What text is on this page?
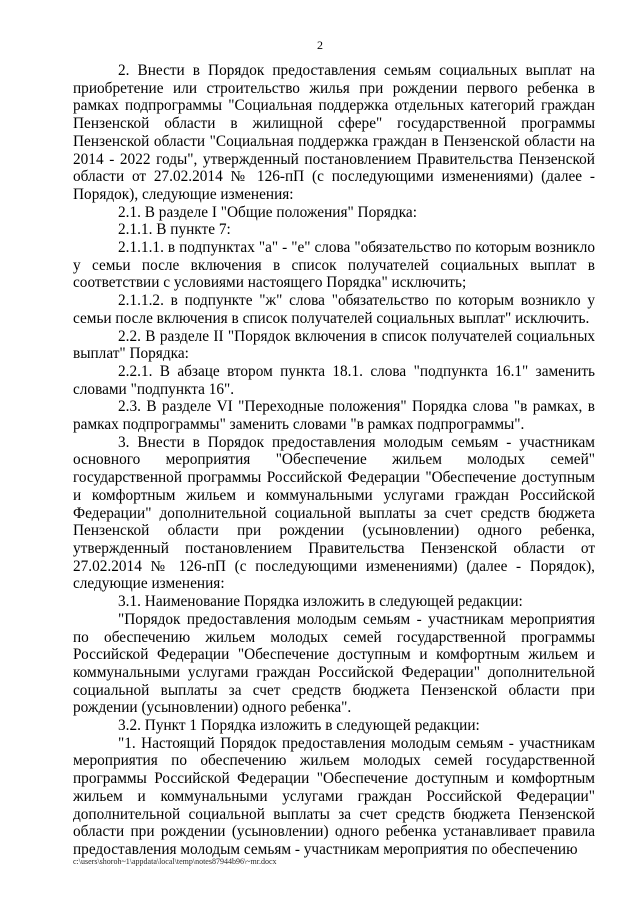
2

2. Внести в Порядок предоставления семьям социальных выплат на приобретение или строительство жилья при рождении первого ребенка в рамках подпрограммы "Социальная поддержка отдельных категорий граждан Пензенской области в жилищной сфере" государственной программы Пензенской области "Социальная поддержка граждан в Пензенской области на 2014 - 2022 годы", утвержденный постановлением Правительства Пензенской области от 27.02.2014 № 126-пП (с последующими изменениями) (далее - Порядок), следующие изменения:

2.1. В разделе I "Общие положения" Порядка:

2.1.1. В пункте 7:

2.1.1.1. в подпунктах "а" - "е" слова "обязательство по которым возникло у семьи после включения в список получателей социальных выплат в соответствии с условиями настоящего Порядка" исключить;

2.1.1.2. в подпункте "ж" слова "обязательство по которым возникло у семьи после включения в список получателей социальных выплат" исключить.

2.2. В разделе II "Порядок включения в список получателей социальных выплат" Порядка:

2.2.1. В абзаце втором пункта 18.1. слова "подпункта 16.1" заменить словами "подпункта 16".

2.3. В разделе VI "Переходные положения" Порядка слова "в рамках, в рамках подпрограммы" заменить словами "в рамках подпрограммы".

3. Внести в Порядок предоставления молодым семьям - участникам основного мероприятия "Обеспечение жильем молодых семей" государственной программы Российской Федерации "Обеспечение доступным и комфортным жильем и коммунальными услугами граждан Российской Федерации" дополнительной социальной выплаты за счет средств бюджета Пензенской области при рождении (усыновлении) одного ребенка, утвержденный постановлением Правительства Пензенской области от 27.02.2014 № 126-пП (с последующими изменениями) (далее - Порядок), следующие изменения:

3.1. Наименование Порядка изложить в следующей редакции:

"Порядок предоставления молодым семьям - участникам мероприятия по обеспечению жильем молодых семей государственной программы Российской Федерации "Обеспечение доступным и комфортным жильем и коммунальными услугами граждан Российской Федерации" дополнительной социальной выплаты за счет средств бюджета Пензенской области при рождении (усыновлении) одного ребенка".

3.2. Пункт 1 Порядка изложить в следующей редакции:

"1. Настоящий Порядок предоставления молодым семьям - участникам мероприятия по обеспечению жильем молодых семей государственной программы Российской Федерации "Обеспечение доступным и комфортным жильем и коммунальными услугами граждан Российской Федерации" дополнительной социальной выплаты за счет средств бюджета Пензенской области при рождении (усыновлении) одного ребенка устанавливает правила предоставления молодым семьям - участникам мероприятия по обеспечению

c:\users\shoroh~1\appdata\local\temp\notes87944b96\~mr.docx
